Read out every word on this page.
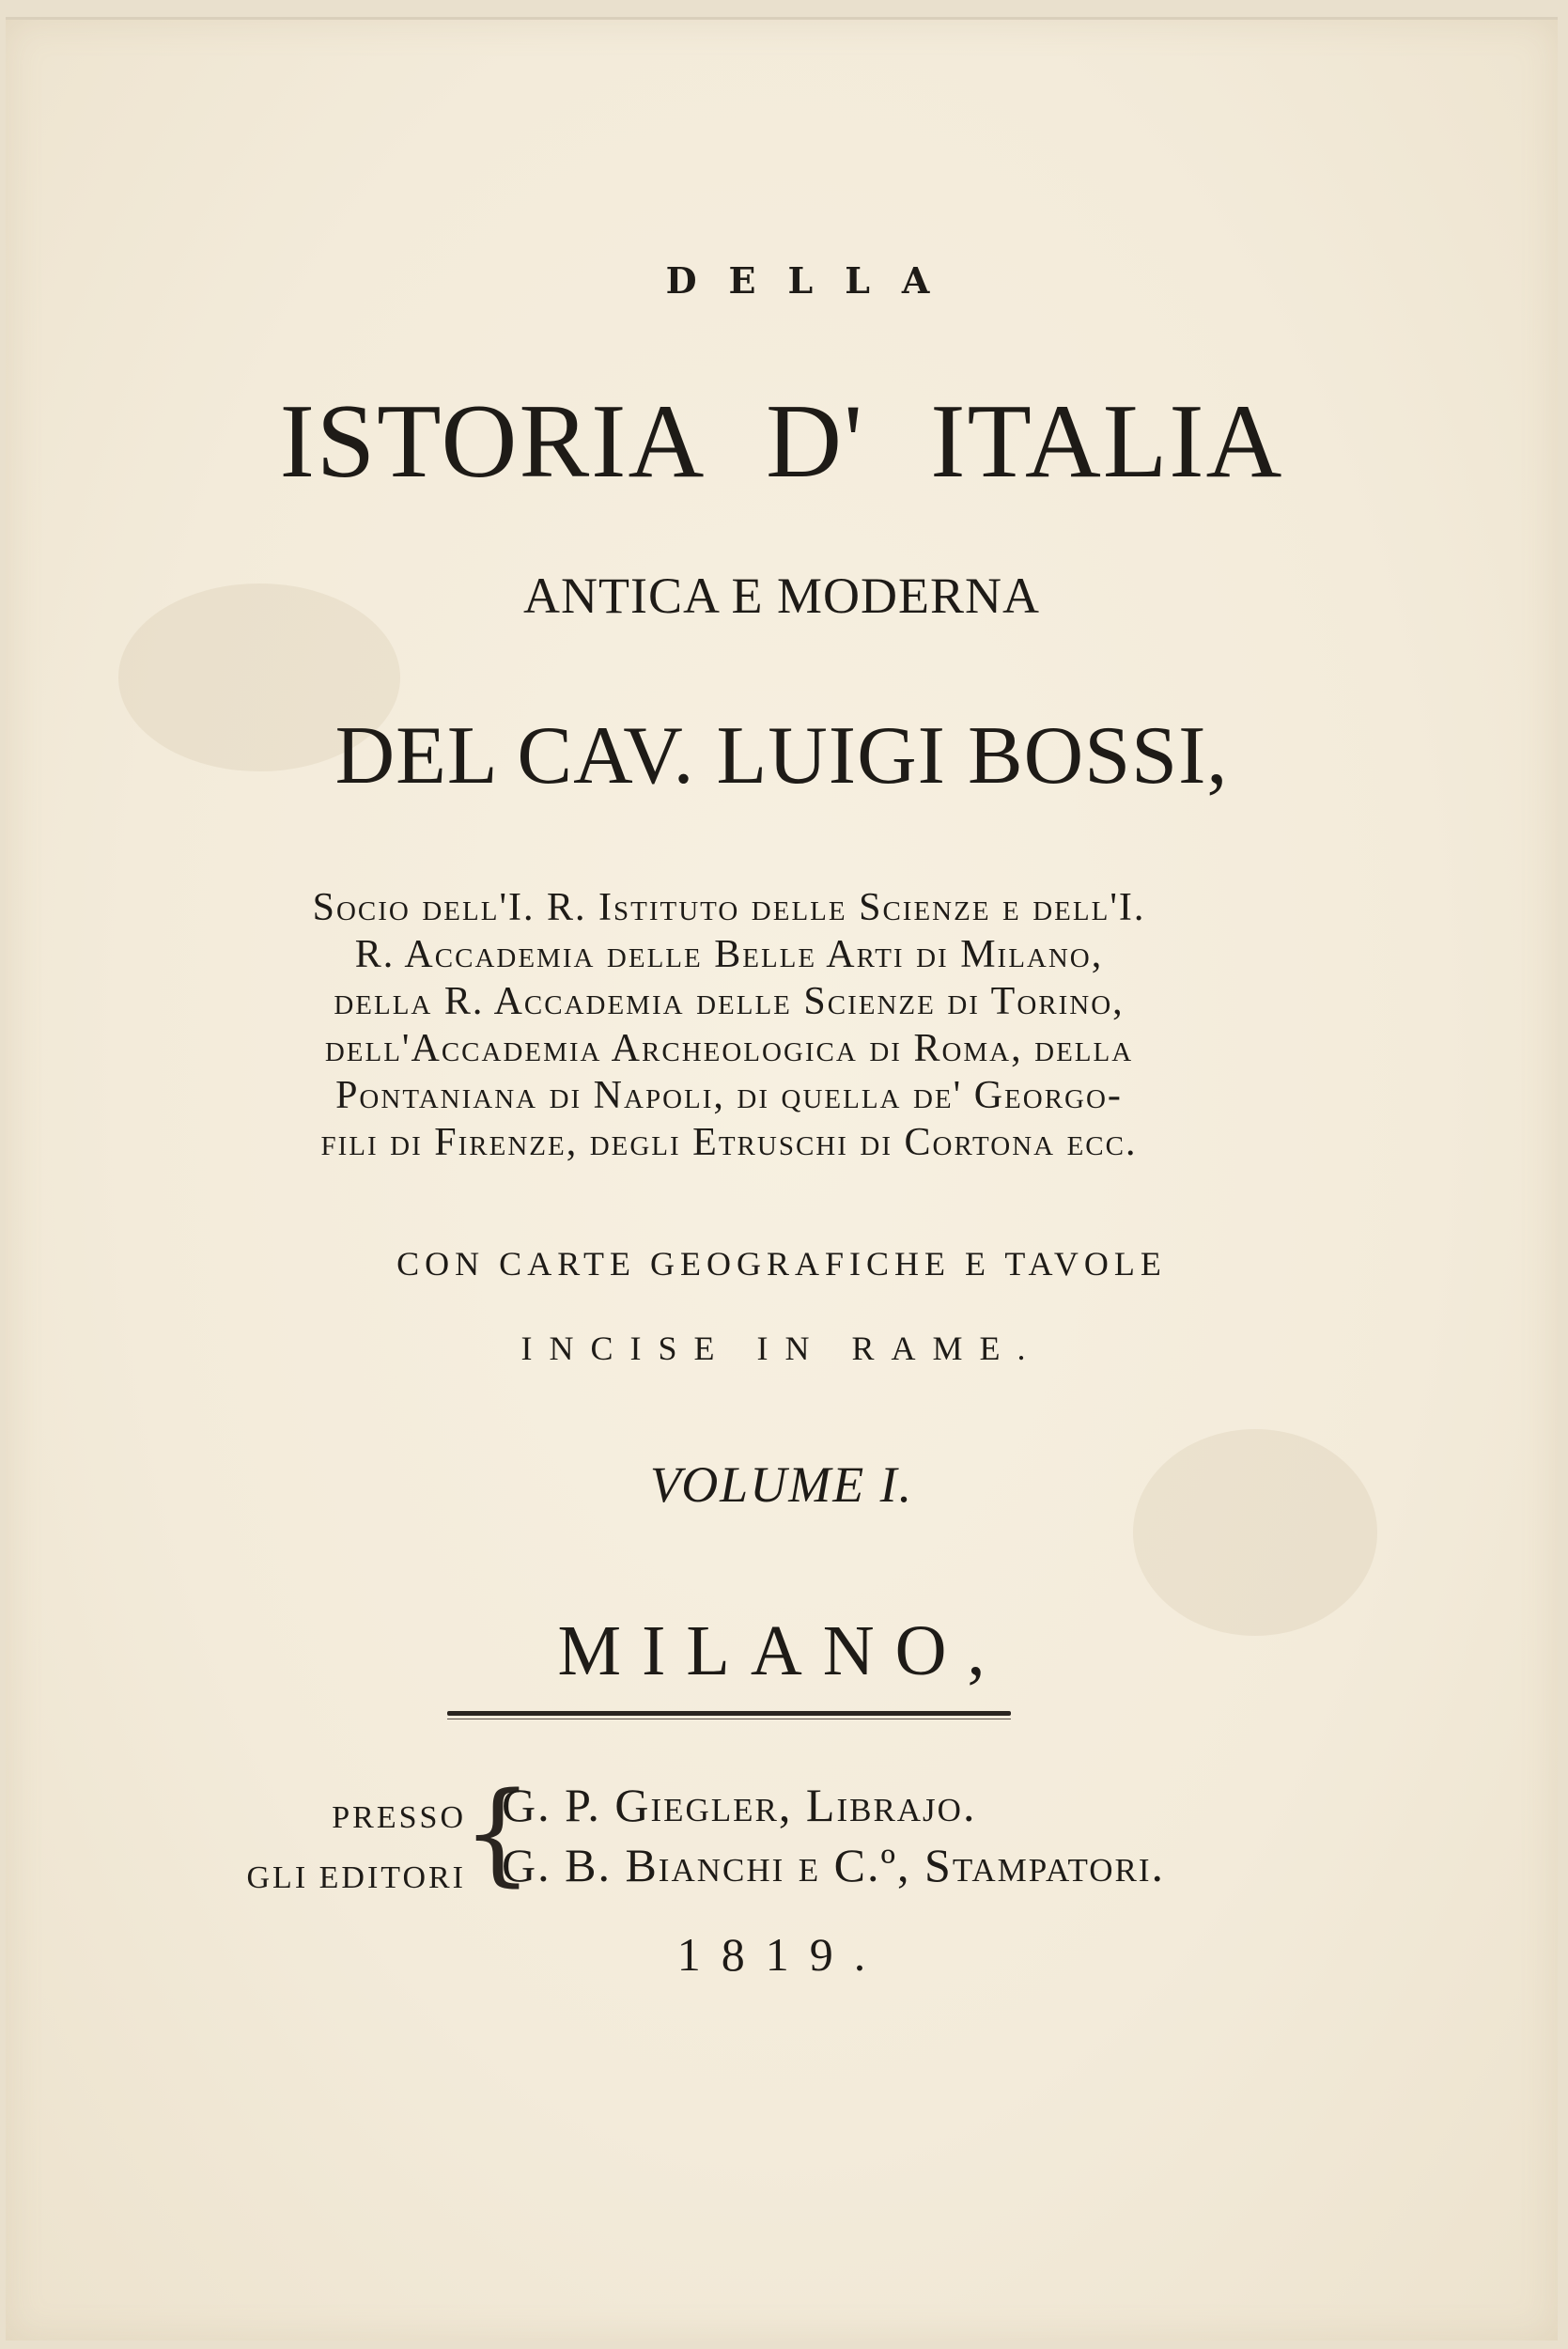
DELLA

ISTORIA D' ITALIA

ANTICA E MODERNA

DEL CAV. LUIGI BOSSI,

Socio dell'I. R. Istituto delle Scienze e dell'I.
R. Accademia delle Belle Arti di Milano,
della R. Accademia delle Scienze di Torino,
dell'Accademia Archeologica di Roma, della
Pontaniana di Napoli, di quella de' Georgo-
fili di Firenze, degli Etruschi di Cortona ecc.

CON CARTE GEOGRAFICHE E TAVOLE

INCISE IN RAME.

VOLUME I.

MILANO,

PRESSO
GLI EDITORI
{
G. P. Giegler, Librajo.
G. B. Bianchi e C.º, Stampatori.

1819.
